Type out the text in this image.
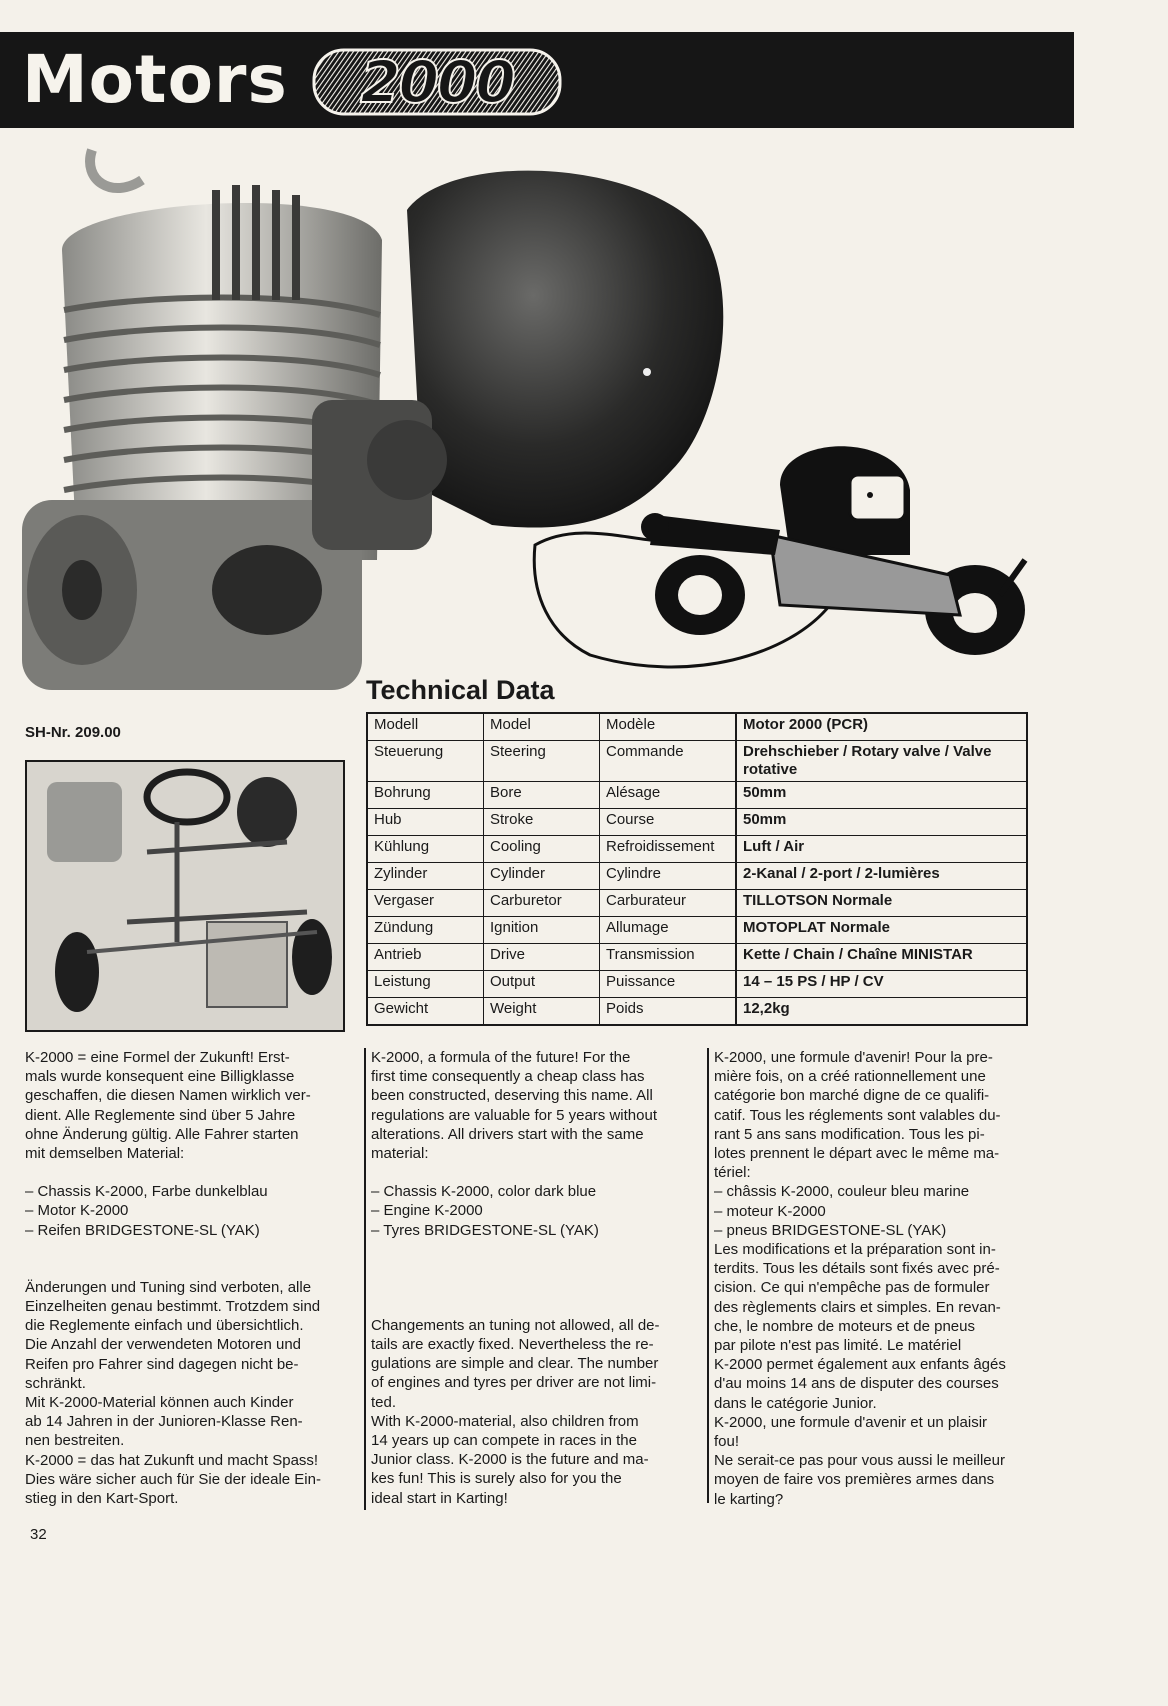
Motors 2000
SH-Nr. 209.00
Technical Data
Modell	Model	Modèle	Motor 2000 (PCR)
Steuerung	Steering	Commande	Drehschieber / Rotary valve / Valve rotative
Bohrung	Bore	Alésage	50mm
Hub	Stroke	Course	50mm
Kühlung	Cooling	Refroidissement	Luft / Air
Zylinder	Cylinder	Cylindre	2-Kanal / 2-port / 2-lumières
Vergaser	Carburetor	Carburateur	TILLOTSON Normale
Zündung	Ignition	Allumage	MOTOPLAT Normale
Antrieb	Drive	Transmission	Kette / Chain / Chaîne MINISTAR
Leistung	Output	Puissance	14 – 15 PS / HP / CV
Gewicht	Weight	Poids	12,2kg

K-2000 = eine Formel der Zukunft! Erst-

mals wurde konsequent eine Billigklasse

geschaffen, die diesen Namen wirklich ver-

dient. Alle Reglemente sind über 5 Jahre

ohne Änderung gültig. Alle Fahrer starten

mit demselben Material:

– Chassis K-2000, Farbe dunkelblau

– Motor K-2000

– Reifen BRIDGESTONE-SL (YAK)

Änderungen und Tuning sind verboten, alle

Einzelheiten genau bestimmt. Trotzdem sind

die Reglemente einfach und übersichtlich.

Die Anzahl der verwendeten Motoren und

Reifen pro Fahrer sind dagegen nicht be-

schränkt.

Mit K-2000-Material können auch Kinder

ab 14 Jahren in der Junioren-Klasse Ren-

nen bestreiten.

K-2000 = das hat Zukunft und macht Spass!

Dies wäre sicher auch für Sie der ideale Ein-

stieg in den Kart-Sport.

K-2000, a formula of the future! For the

first time consequently a cheap class has

been constructed, deserving this name. All

regulations are valuable for 5 years without

alterations. All drivers start with the same

material:

– Chassis K-2000, color dark blue

– Engine K-2000

– Tyres BRIDGESTONE-SL (YAK)

Changements an tuning not allowed, all de-

tails are exactly fixed. Nevertheless the re-

gulations are simple and clear. The number

of engines and tyres per driver are not limi-

ted.

With K-2000-material, also children from

14 years up can compete in races in the

Junior class. K-2000 is the future and ma-

kes fun! This is surely also for you the

ideal start in Karting!

K-2000, une formule d'avenir! Pour la pre-

mière fois, on a créé rationnellement une

catégorie bon marché digne de ce qualifi-

catif. Tous les réglements sont valables du-

rant 5 ans sans modification. Tous les pi-

lotes prennent le départ avec le même ma-

tériel:

– châssis K-2000, couleur bleu marine

– moteur K-2000

– pneus BRIDGESTONE-SL (YAK)

Les modifications et la préparation sont in-

terdits. Tous les détails sont fixés avec pré-

cision. Ce qui n'empêche pas de formuler

des règlements clairs et simples. En revan-

che, le nombre de moteurs et de pneus

par pilote n'est pas limité. Le matériel

K-2000 permet également aux enfants âgés

d'au moins 14 ans de disputer des courses

dans le catégorie Junior.

K-2000, une formule d'avenir et un plaisir

fou!

Ne serait-ce pas pour vous aussi le meilleur

moyen de faire vos premières armes dans

le karting?

32
